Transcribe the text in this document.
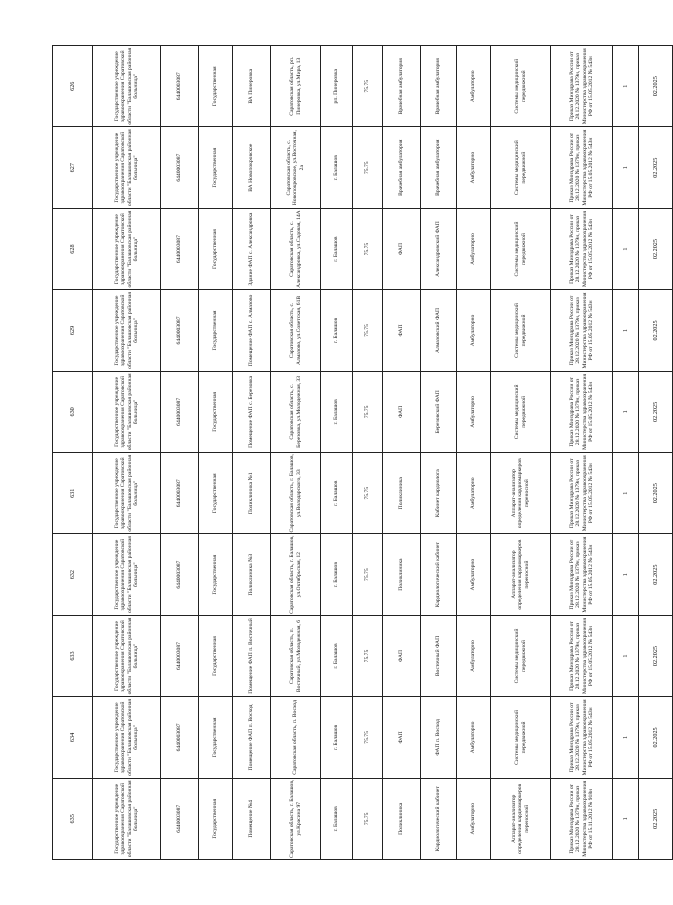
635	634	633	632	631	630	629	628	627	626
Государственное учреждение здравоохранения Саратовской области "Балашовская районная больница"	Государственное учреждение здравоохранения Саратовской области "Балашовская районная больница"	Государственное учреждение здравоохранения Саратовской области "Балашовская районная больница"	Государственное учреждение здравоохранения Саратовской области "Балашовская районная больница"	Государственное учреждение здравоохранения Саратовской области "Балашовская районная больница"	Государственное учреждение здравоохранения Саратовской области "Балашовская районная больница"	Государственное учреждение здравоохранения Саратовской области "Балашовская районная больница"	Государственное учреждение здравоохранения Саратовской области "Балашовская районная больница"	Государственное учреждение здравоохранения Саратовской области "Балашовская районная больница"	Государственное учреждение здравоохранения Саратовской области "Балашовская районная больница"
6440003087	6440003087	6440003087	6440003087	6440003087	6440003087	6440003087	6440003087	6440003087	6440003087
Государственная	Государственная	Государственная	Государственная	Государственная	Государственная	Государственная	Государственная	Государственная	Государственная
Помещение №4	Помещение ФАП п. Восход	Помещение ФАП п. Восточный	Поликлиника №3	Поликлиника №1	Помещение ФАП с. Березовка	Помещение ФАП с. Алмазово	Здание ФАП с. Александровка	ВА Новопокровское	ВА Пинеровка
Саратовская область, г. Балашов, ул.Красина 97	Саратовская область, п. Восход	Саратовская область, п. Восточный, ул.Молодежная, 6	Саратовская область, г. Балашов, ул.Октябрьская, 12	Саратовская область, г. Балашов, ул.Володарского, 33	Саратовская область, с. Березовка, ул.Молодежная, 33	Саратовская область, с. Алмазово, ул.Советская, 61В	Саратовская область, с. Александровка, ул.Садовая, 14А	Саратовская область, с. Новопокровское, ул.Восточная, 2а	Саратовская область, рп. Пинеровка, ул.Мира, 13
г. Балашов	г. Балашов	г. Балашов	г. Балашов	г. Балашов	г. Балашов	г. Балашов	г. Балашов	г. Балашов	рп. Пинеровка
75.75	75.75	75.75	75.75	75.75	75.75	75.75	75.75	75.75	75.75
Поликлиника	ФАП	ФАП	Поликлиника	Поликлиника	ФАП	ФАП	ФАП	Врачебная амбулатория	Врачебная амбулатория
Кардиологический кабинет	ФАП п. Восход	Восточный ФАП	Кардиологический кабинет	Кабинет кардиолога	Березовский ФАП	Алмазовский ФАП	Александровский ФАП	Врачебная амбулатория	Врачебная амбулатория
Амбулаторно	Амбулаторно	Амбулаторно	Амбулаторно	Амбулаторно	Амбулаторно	Амбулаторно	Амбулаторно	Амбулаторно	Амбулаторно
Аппарат-анализатор определения кардиомаркеров переносной	Системы медицинский передвижной	Системы медицинский передвижной	Аппарат-анализатор определения кардиомаркеров переносной	Аппарат-анализатор определения кардиомаркеров переносной	Системы медицинский передвижной	Системы медицинский передвижной	Системы медицинский передвижной	Системы медицинский передвижной	Системы медицинский передвижной
Приказ Минздрава России от 28.12.2020 № 1379н, приказ Министерства здравоохранения РФ от 15.11.2012 № 918н	Приказ Минздрава России от 28.12.2020 № 1379н, приказ Министерства здравоохранения РФ от 15.05.2012 № 543н	Приказ Минздрава России от 28.12.2020 № 1379н, приказ Министерства здравоохранения РФ от 15.05.2012 № 543н	Приказ Минздрава России от 28.12.2020 № 1379н, приказ Министерства здравоохранения РФ от 15.05.2012 № 543н	Приказ Минздрава России от 28.12.2020 № 1379н, приказ Министерства здравоохранения РФ от 15.05.2012 № 543н	Приказ Минздрава России от 28.12.2020 № 1379н, приказ Министерства здравоохранения РФ от 15.05.2012 № 543н	Приказ Минздрава России от 28.12.2020 № 1379н, приказ Министерства здравоохранения РФ от 15.05.2012 № 543н	Приказ Минздрава России от 28.12.2020 № 1379н, приказ Министерства здравоохранения РФ от 15.05.2012 № 543н	Приказ Минздрава России от 28.12.2020 № 1379н, приказ Министерства здравоохранения РФ от 15.05.2012 № 543н	Приказ Минздрава России от 28.12.2020 № 1379н, приказ Министерства здравоохранения РФ от 15.05.2012 № 543н
1	1	1	1	1	1	1	1	1	1
02.2025	02.2025	02.2025	02.2025	02.2025	02.2025	02.2025	02.2025	02.2025	02.2025
